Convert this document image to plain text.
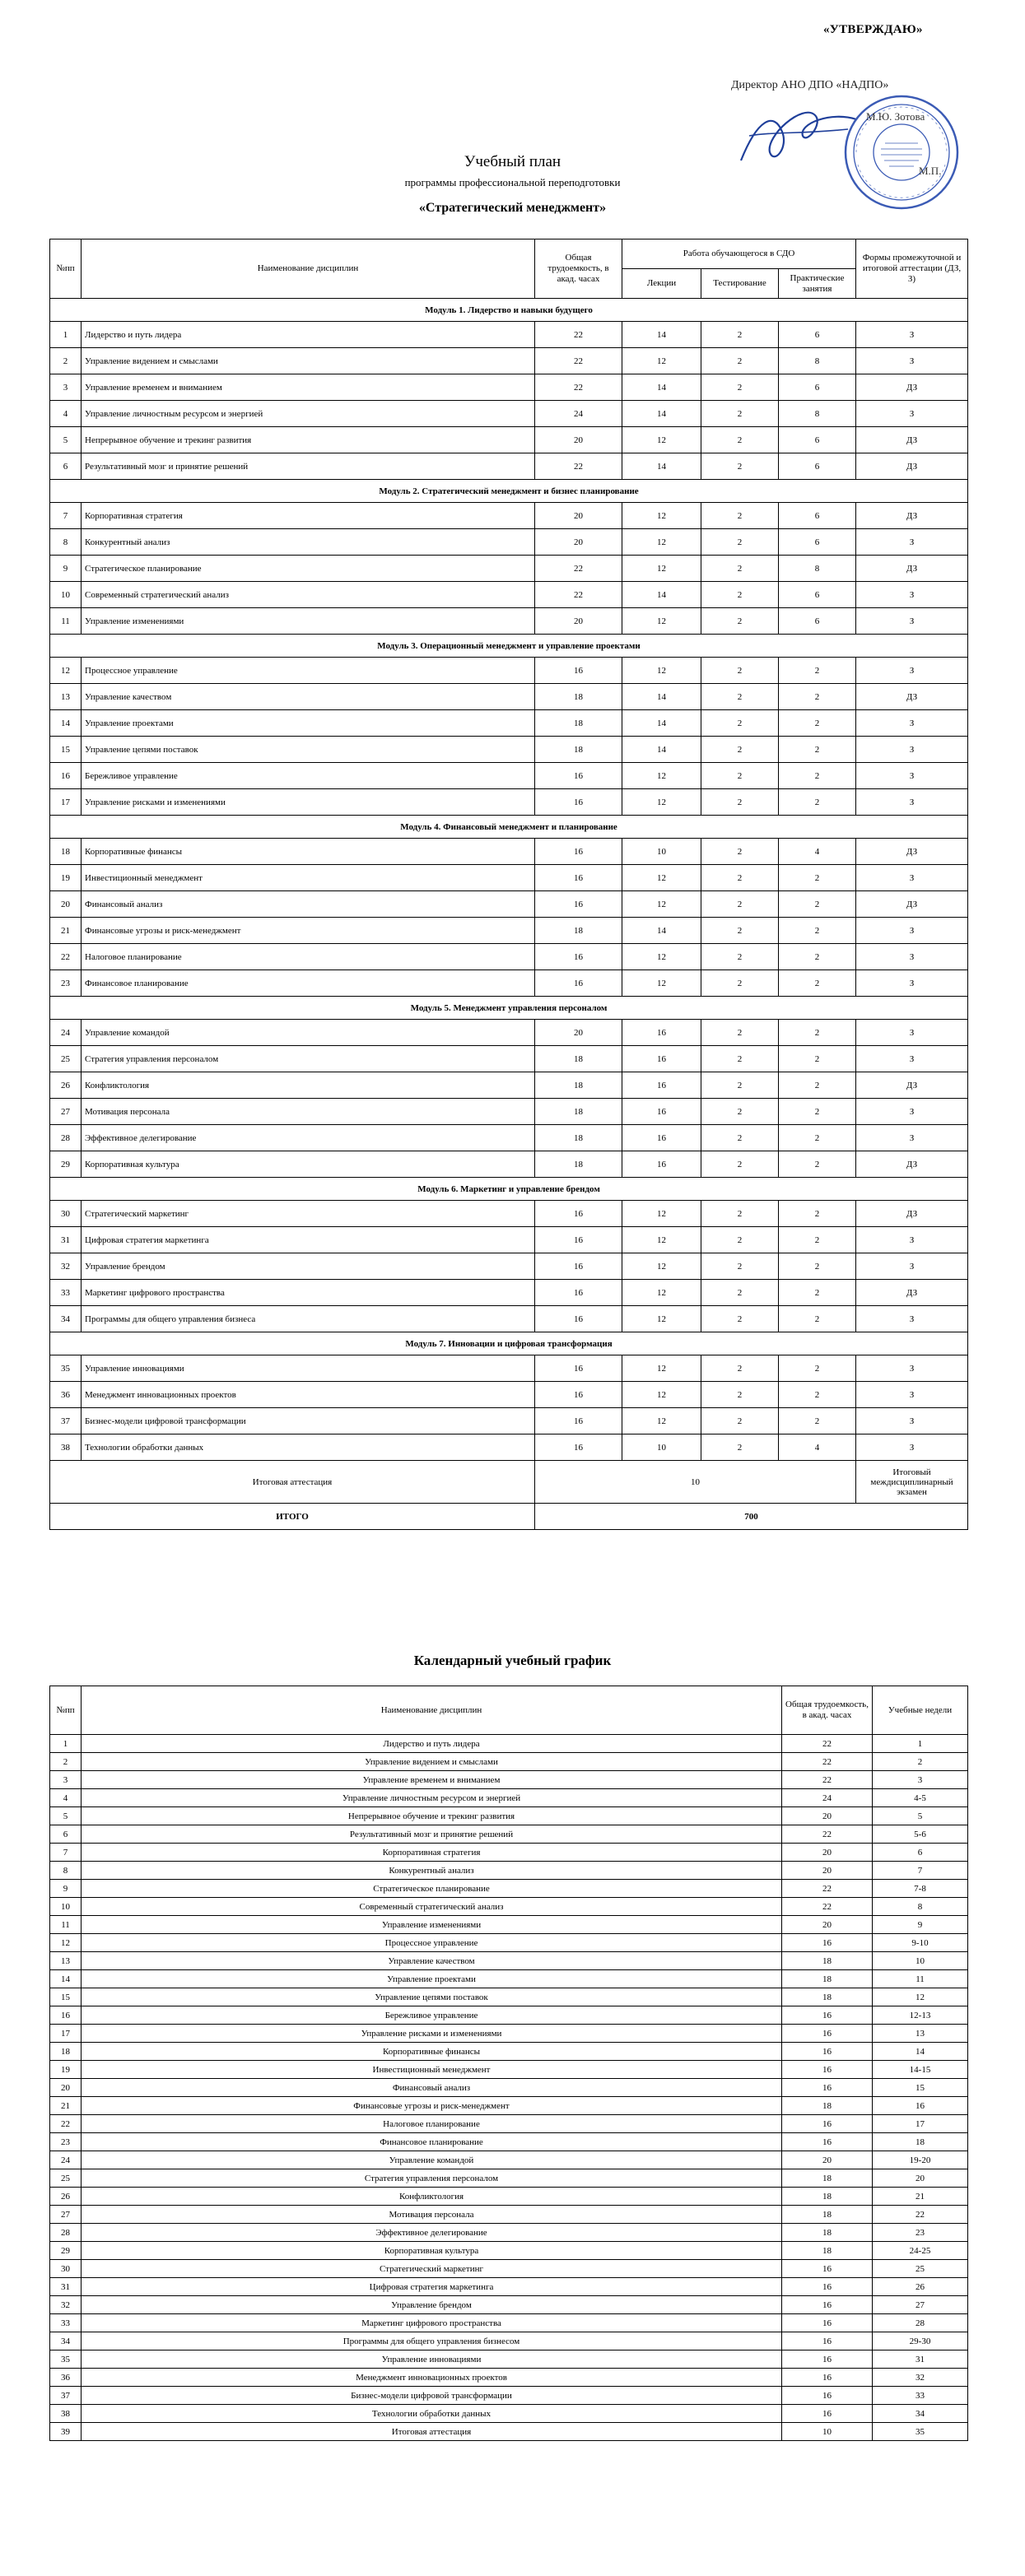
«УТВЕРЖДАЮ»
Директор АНО ДПО «НАДПО»
М.Ю. Зотова
М.П.
Учебный план
программы профессиональной переподготовки
«Стратегический менеджмент»
№пп	Наименование дисциплин	Общая трудоемкость, в акад. часах	Работа обучающегося в СДО			Формы промежуточной и итоговой аттестации (ДЗ, З)
			Лекции	Тестирование	Практические занятия	
Модуль 1. Лидерство и навыки будущего						
1	Лидерство и путь лидера	22	14	2	6	З
2	Управление видением и смыслами	22	12	2	8	З
3	Управление временем и вниманием	22	14	2	6	ДЗ
4	Управление личностным ресурсом и энергией	24	14	2	8	З
5	Непрерывное обучение и трекинг развития	20	12	2	6	ДЗ
6	Результативный мозг и принятие решений	22	14	2	6	ДЗ
Модуль 2. Стратегический менеджмент и бизнес планирование						
7	Корпоративная стратегия	20	12	2	6	ДЗ
8	Конкурентный анализ	20	12	2	6	З
9	Стратегическое планирование	22	12	2	8	ДЗ
10	Современный стратегический анализ	22	14	2	6	З
11	Управление изменениями	20	12	2	6	З
Модуль 3. Операционный менеджмент и управление проектами						
12	Процессное управление	16	12	2	2	З
13	Управление качеством	18	14	2	2	ДЗ
14	Управление проектами	18	14	2	2	З
15	Управление цепями поставок	18	14	2	2	З
16	Бережливое управление	16	12	2	2	З
17	Управление рисками и изменениями	16	12	2	2	З
Модуль 4. Финансовый менеджмент и планирование						
18	Корпоративные финансы	16	10	2	4	ДЗ
19	Инвестиционный менеджмент	16	12	2	2	З
20	Финансовый анализ	16	12	2	2	ДЗ
21	Финансовые угрозы и риск-менеджмент	18	14	2	2	З
22	Налоговое планирование	16	12	2	2	З
23	Финансовое планирование	16	12	2	2	З
Модуль 5. Менеджмент управления персоналом						
24	Управление командой	20	16	2	2	З
25	Стратегия управления персоналом	18	16	2	2	З
26	Конфликтология	18	16	2	2	ДЗ
27	Мотивация персонала	18	16	2	2	З
28	Эффективное делегирование	18	16	2	2	З
29	Корпоративная культура	18	16	2	2	ДЗ
Модуль 6. Маркетинг и управление брендом						
30	Стратегический маркетинг	16	12	2	2	ДЗ
31	Цифровая стратегия маркетинга	16	12	2	2	З
32	Управление брендом	16	12	2	2	З
33	Маркетинг цифрового пространства	16	12	2	2	ДЗ
34	Программы для общего управления бизнеса	16	12	2	2	З
Модуль 7. Инновации и цифровая трансформация						
35	Управление инновациями	16	12	2	2	З
36	Менеджмент инновационных проектов	16	12	2	2	З
37	Бизнес-модели цифровой трансформации	16	12	2	2	З
38	Технологии обработки данных	16	10	2	4	З
Итоговая аттестация		10				Итоговый междисциплинарный экзамен
ИТОГО		700				
Календарный учебный график
№пп	Наименование дисциплин	Общая трудоемкость, в акад. часах	Учебные недели
1	Лидерство и путь лидера	22	1
2	Управление видением и смыслами	22	2
3	Управление временем и вниманием	22	3
4	Управление личностным ресурсом и энергией	24	4-5
5	Непрерывное обучение и трекинг развития	20	5
6	Результативный мозг и принятие решений	22	5-6
7	Корпоративная стратегия	20	6
8	Конкурентный анализ	20	7
9	Стратегическое планирование	22	7-8
10	Современный стратегический анализ	22	8
11	Управление изменениями	20	9
12	Процессное управление	16	9-10
13	Управление качеством	18	10
14	Управление проектами	18	11
15	Управление цепями поставок	18	12
16	Бережливое управление	16	12-13
17	Управление рисками и изменениями	16	13
18	Корпоративные финансы	16	14
19	Инвестиционный менеджмент	16	14-15
20	Финансовый анализ	16	15
21	Финансовые угрозы и риск-менеджмент	18	16
22	Налоговое планирование	16	17
23	Финансовое планирование	16	18
24	Управление командой	20	19-20
25	Стратегия управления персоналом	18	20
26	Конфликтология	18	21
27	Мотивация персонала	18	22
28	Эффективное делегирование	18	23
29	Корпоративная культура	18	24-25
30	Стратегический маркетинг	16	25
31	Цифровая стратегия маркетинга	16	26
32	Управление брендом	16	27
33	Маркетинг цифрового пространства	16	28
34	Программы для общего управления бизнесом	16	29-30
35	Управление инновациями	16	31
36	Менеджмент инновационных проектов	16	32
37	Бизнес-модели цифровой трансформации	16	33
38	Технологии обработки данных	16	34
39	Итоговая аттестация	10	35
